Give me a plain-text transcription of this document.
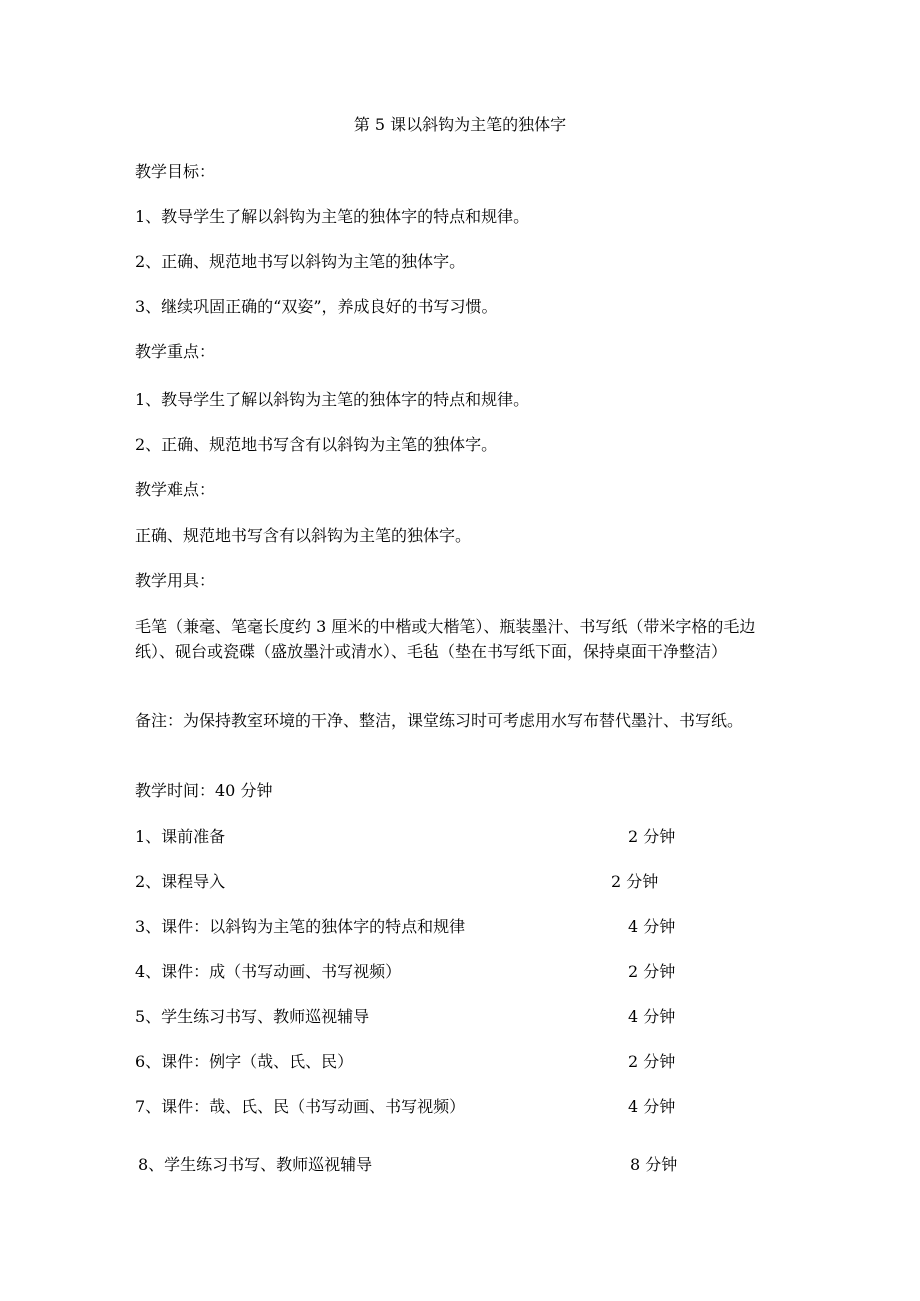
第 5 课以斜钩为主笔的独体字
教学目标：
1、教导学生了解以斜钩为主笔的独体字的特点和规律。
2、正确、规范地书写以斜钩为主笔的独体字。
3、继续巩固正确的“双姿”，养成良好的书写习惯。
教学重点：
1、教导学生了解以斜钩为主笔的独体字的特点和规律。
2、正确、规范地书写含有以斜钩为主笔的独体字。
教学难点：
正确、规范地书写含有以斜钩为主笔的独体字。
教学用具：
毛笔（兼毫、笔毫长度约 3 厘米的中楷或大楷笔）、瓶装墨汁、书写纸（带米字格的毛边纸）、砚台或瓷碟（盛放墨汁或清水）、毛毡（垫在书写纸下面，保持桌面干净整洁）
备注：为保持教室环境的干净、整洁，课堂练习时可考虑用水写布替代墨汁、书写纸。
教学时间：40 分钟
1、课前准备	2 分钟
2、课程导入	2 分钟
3、课件：以斜钩为主笔的独体字的特点和规律	4 分钟
4、课件：成（书写动画、书写视频）	2 分钟
5、学生练习书写、教师巡视辅导	4 分钟
6、课件：例字（哉、氏、民）	2 分钟
7、课件：哉、氏、民（书写动画、书写视频）	4 分钟
8、学生练习书写、教师巡视辅导	8 分钟
